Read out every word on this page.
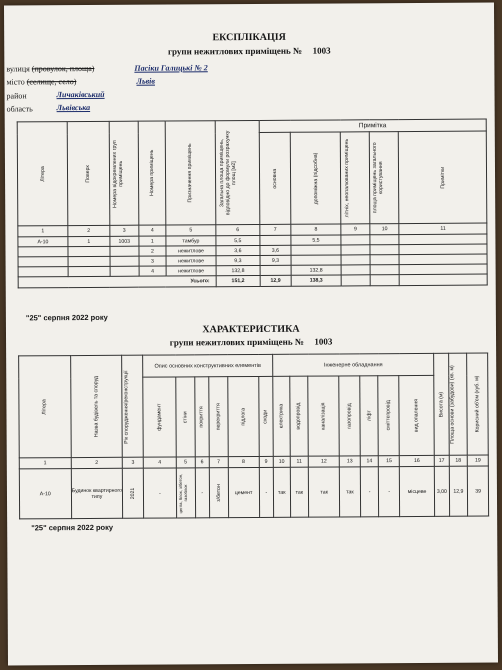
ЕКСПЛІКАЦІЯ
групи нежитлових приміщень № 1003
вулиця (провулок, площа)	Пасіки Галицькі № 2
місто (селище, село)	Львів
район	Личаківський
область	Львівська
Літера	Поверх	Номера відокремлених груп приміщень	Номера приміщень	Призначення приміщень	Загальна площа приміщень, відповідно до формули розрахунку площ [м2]	Примітка				

						основна	допоміжна (підсобна)	літніх, неопалюваних приміщень	площа приміщень загального користування	Примітки

1	2	3	4	5	6	7	8	9	10	11
А-10	1	1003	1	тамбур	5,5		5,5			
			2	нежитлове	3,6	3,6				
			3	нежитлове	9,3	9,3				
			4	нежитлове	132,8		132,8			
Усього:					151,2	12,9	138,3			
"25" серпня 2022 року
ХАРАКТЕРИСТИКА
групи нежитлових приміщень № 1003
Літера	Назва будівель та споруд	Рік спорудження/реконструкції	Опис основних конструктивних елементів						Інженерне обладнання							Висота (м)	Площа основи (забудови) (кв. м)	Корисний об'єм (куб. м)

			фундамент	стіни	покриття	перекриття	підлога	сходи	електрика	водопровід	каналізація	газопровід	ліфт	сміттєпровід	вид опалення			

1	2	3	4	5	6	7	8	9	10	11	12	13	14	15	16	17	18	19
А-10	Будинок квартирного типу	2021	-	цегла, блок, з/бетон, газоблок	-	з/бетон	цемент	-	так	так	так	так	-	-	місцеве	3,00	12,9	39
"25" серпня 2022 року
